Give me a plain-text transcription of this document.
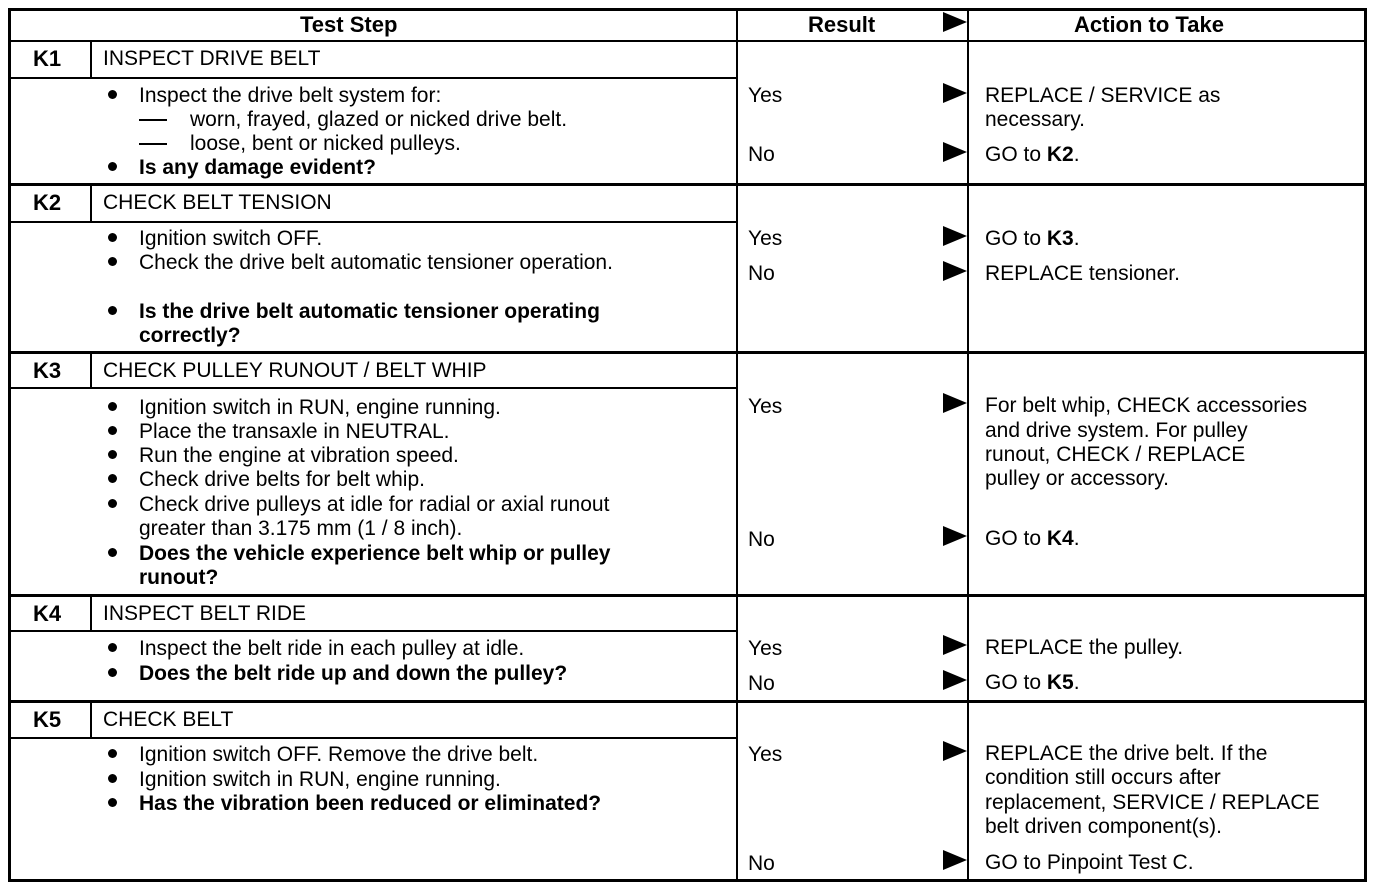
Test Step	Result	Action to Take
K1 INSPECT DRIVE BELT
Inspect the drive belt system for:
worn, frayed, glazed or nicked drive belt.
loose, bent or nicked pulleys.
Is any damage evident?
Yes	REPLACE / SERVICE as
necessary.
No	GO to K2.
K2 CHECK BELT TENSION
Ignition switch OFF.
Check the drive belt automatic tensioner operation.
Is the drive belt automatic tensioner operating
correctly?
Yes	GO to K3.
No	REPLACE tensioner.
K3 CHECK PULLEY RUNOUT / BELT WHIP
Ignition switch in RUN, engine running.
Place the transaxle in NEUTRAL.
Run the engine at vibration speed.
Check drive belts for belt whip.
Check drive pulleys at idle for radial or axial runout
greater than 3.175 mm (1 / 8 inch).
Does the vehicle experience belt whip or pulley
runout?
Yes	For belt whip, CHECK accessories
and drive system. For pulley
runout, CHECK / REPLACE
pulley or accessory.
No	GO to K4.
K4 INSPECT BELT RIDE
Inspect the belt ride in each pulley at idle.
Does the belt ride up and down the pulley?
Yes	REPLACE the pulley.
No	GO to K5.
K5 CHECK BELT
Ignition switch OFF. Remove the drive belt.
Ignition switch in RUN, engine running.
Has the vibration been reduced or eliminated?
Yes	REPLACE the drive belt. If the
condition still occurs after
replacement, SERVICE / REPLACE
belt driven component(s).
No	GO to Pinpoint Test C.
